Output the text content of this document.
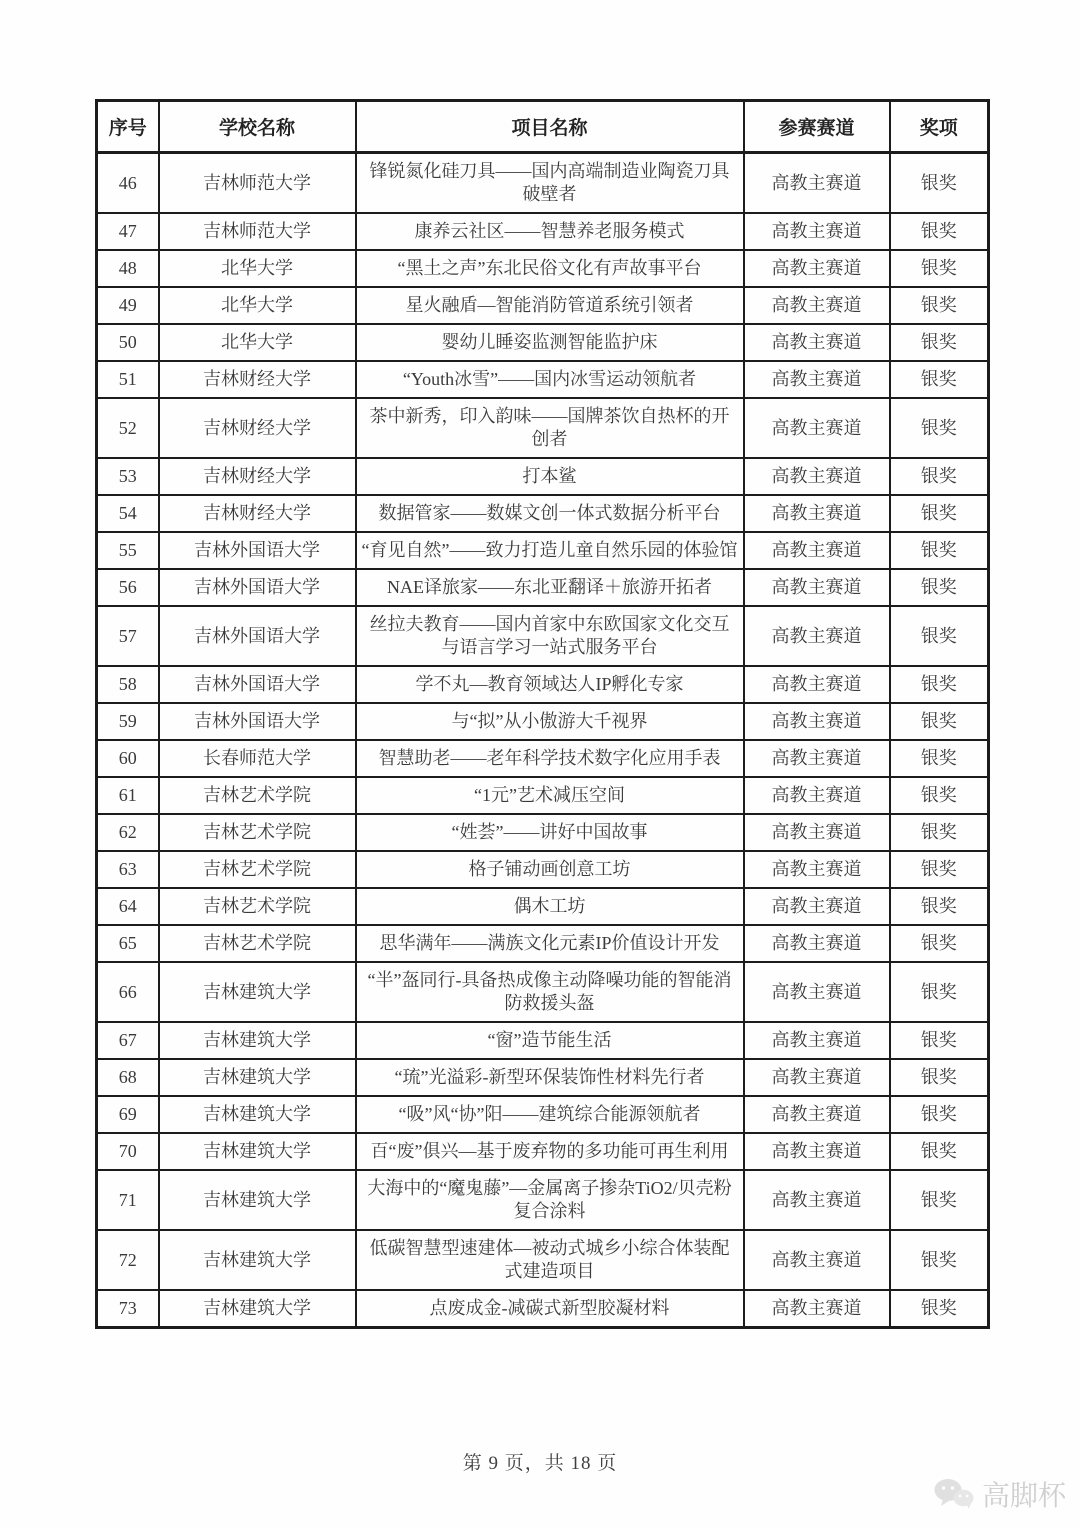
序号	学校名称	项目名称	参赛赛道	奖项
46	吉林师范大学	锋锐氮化硅刀具——国内高端制造业陶瓷刀具破壁者	高教主赛道	银奖
47	吉林师范大学	康养云社区——智慧养老服务模式	高教主赛道	银奖
48	北华大学	“黑土之声”东北民俗文化有声故事平台	高教主赛道	银奖
49	北华大学	星火融盾—智能消防管道系统引领者	高教主赛道	银奖
50	北华大学	婴幼儿睡姿监测智能监护床	高教主赛道	银奖
51	吉林财经大学	“Youth冰雪”——国内冰雪运动领航者	高教主赛道	银奖
52	吉林财经大学	茶中新秀，印入韵味——国牌茶饮自热杯的开创者	高教主赛道	银奖
53	吉林财经大学	打本鲨	高教主赛道	银奖
54	吉林财经大学	数据管家——数媒文创一体式数据分析平台	高教主赛道	银奖
55	吉林外国语大学	“育见自然”——致力打造儿童自然乐园的体验馆	高教主赛道	银奖
56	吉林外国语大学	NAE译旅家——东北亚翻译＋旅游开拓者	高教主赛道	银奖
57	吉林外国语大学	丝拉夫教育——国内首家中东欧国家文化交互与语言学习一站式服务平台	高教主赛道	银奖
58	吉林外国语大学	学不丸—教育领域达人IP孵化专家	高教主赛道	银奖
59	吉林外国语大学	与“拟”从小傲游大千视界	高教主赛道	银奖
60	长春师范大学	智慧助老——老年科学技术数字化应用手表	高教主赛道	银奖
61	吉林艺术学院	“1元”艺术减压空间	高教主赛道	银奖
62	吉林艺术学院	“姓荟”——讲好中国故事	高教主赛道	银奖
63	吉林艺术学院	格子铺动画创意工坊	高教主赛道	银奖
64	吉林艺术学院	偶木工坊	高教主赛道	银奖
65	吉林艺术学院	思华满年——满族文化元素IP价值设计开发	高教主赛道	银奖
66	吉林建筑大学	“半”盔同行-具备热成像主动降噪功能的智能消防救援头盔	高教主赛道	银奖
67	吉林建筑大学	“窗”造节能生活	高教主赛道	银奖
68	吉林建筑大学	“琉”光溢彩-新型环保装饰性材料先行者	高教主赛道	银奖
69	吉林建筑大学	“吸”风“协”阳——建筑综合能源领航者	高教主赛道	银奖
70	吉林建筑大学	百“废”俱兴—基于废弃物的多功能可再生利用	高教主赛道	银奖
71	吉林建筑大学	大海中的“魔鬼藤”—金属离子掺杂TiO2/贝壳粉复合涂料	高教主赛道	银奖
72	吉林建筑大学	低碳智慧型速建体—被动式城乡小综合体装配式建造项目	高教主赛道	银奖
73	吉林建筑大学	点废成金-减碳式新型胶凝材料	高教主赛道	银奖
第 9 页，共 18 页
高脚杯
